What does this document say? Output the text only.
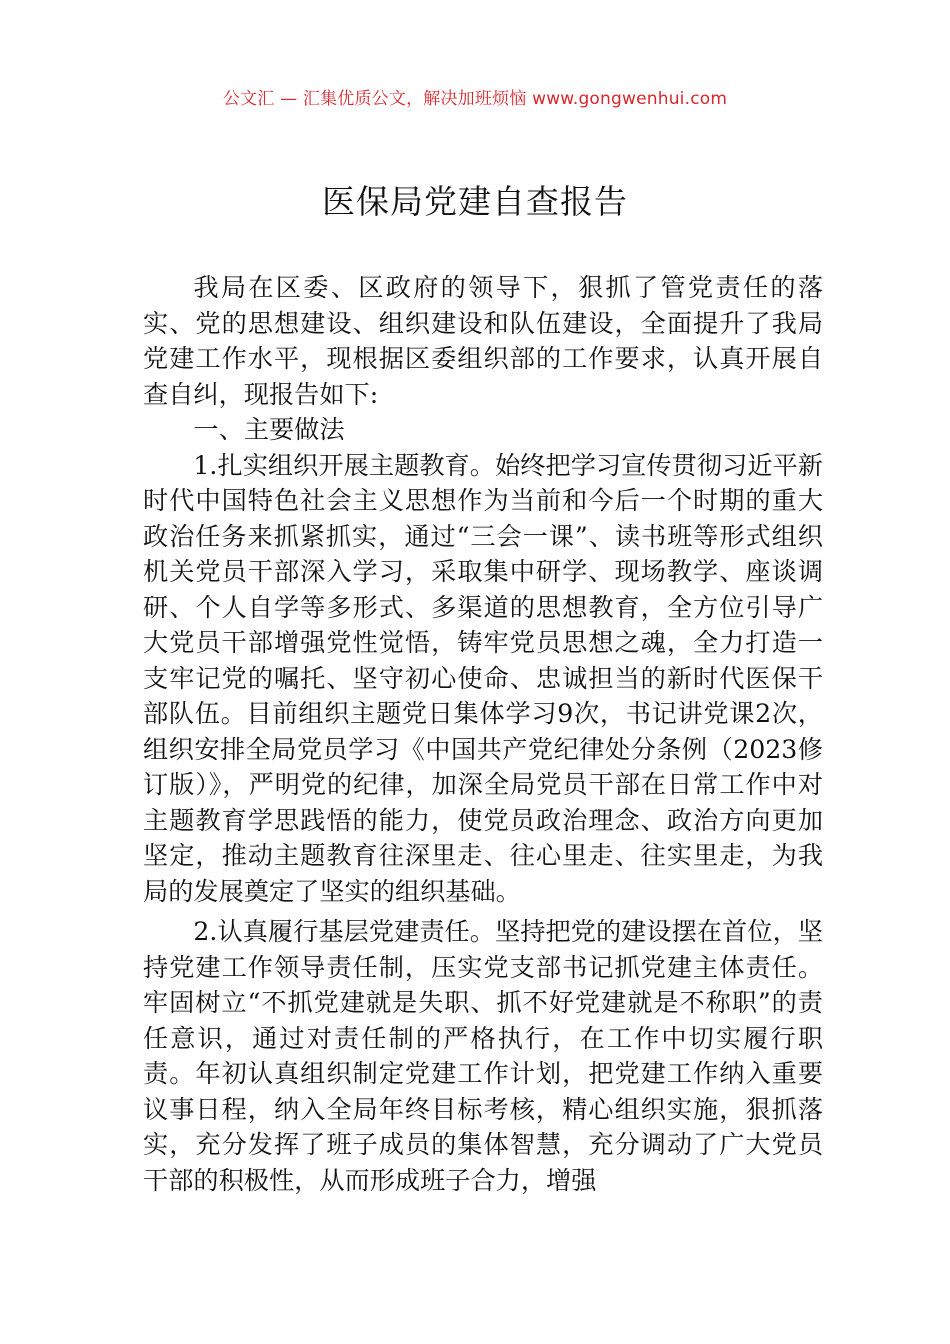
公文汇 — 汇集优质公文，解决加班烦恼 www.gongwenhui.com
医保局党建自查报告

我局在区委、区政府的领导下，狠抓了管党责任的落实、党的思想建设、组织建设和队伍建设，全面提升了我局党建工作水平，现根据区委组织部的工作要求，认真开展自查自纠，现报告如下:

一、主要做法

1.扎实组织开展主题教育。始终把学习宣传贯彻习近平新时代中国特色社会主义思想作为当前和今后一个时期的重大政治任务来抓紧抓实，通过“三会一课”、读书班等形式组织机关党员干部深入学习，采取集中研学、现场教学、座谈调研、个人自学等多形式、多渠道的思想教育，全方位引导广大党员干部增强党性觉悟，铸牢党员思想之魂，全力打造一支牢记党的嘱托、坚守初心使命、忠诚担当的新时代医保干部队伍。目前组织主题党日集体学习9次，书记讲党课2次，组织安排全局党员学习《中国共产党纪律处分条例（2023修订版）》，严明党的纪律，加深全局党员干部在日常工作中对主题教育学思践悟的能力，使党员政治理念、政治方向更加坚定，推动主题教育往深里走、往心里走、往实里走，为我局的发展奠定了坚实的组织基础。

2.认真履行基层党建责任。坚持把党的建设摆在首位，坚持党建工作领导责任制，压实党支部书记抓党建主体责任。牢固树立“不抓党建就是失职、抓不好党建就是不称职”的责任意识，通过对责任制的严格执行，在工作中切实履行职责。年初认真组织制定党建工作计划，把党建工作纳入重要议事日程，纳入全局年终目标考核，精心组织实施，狠抓落实，充分发挥了班子成员的集体智慧，充分调动了广大党员干部的积极性，从而形成班子合力，增强
